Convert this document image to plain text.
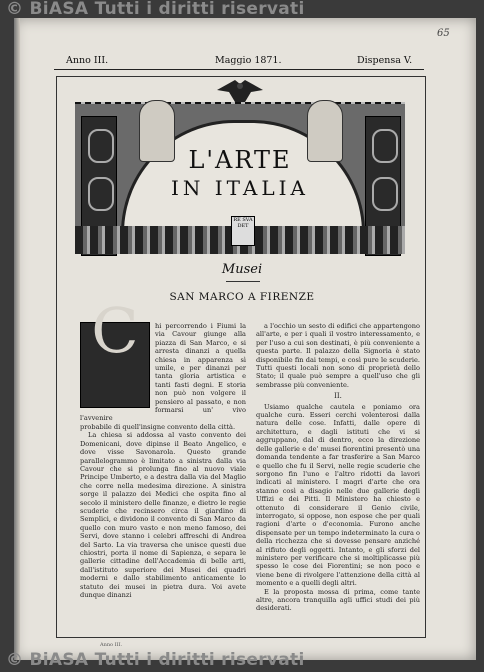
© BiASA Tutti i diritti riservati
© BiASA Tutti i diritti riservati
65
Anno III.	Maggio 1871.	Dispensa V.
L'ARTE
IN ITALIA
RE SVA DET
Musei
SAN MARCO A FIRENZE
C	hi percorrendo i Fiumi la via Cavour giunge alla piazza di San Marco, e si arresta dinanzi a quella chiesa in apparenza sì umile, e per dinanzi per tanta gloria artistica e tanti fasti degni. E storia non può non volgere il pensiero al passato, e non formarsi un' vivo l'avvenire

probabile di quell'insigne convento della città.

La chiesa si addossa al vasto convento dei Domenicani, dove dipinse il Beato Angelico, e dove visse Savonarola. Questo grande parallelogrammo è limitato a sinistra dalla via Cavour che si prolunga fino al nuovo viale Principe Umberto, e a destra dalla via del Maglio che corre nella medesima direzione. A sinistra sorge il palazzo dei Medici che ospita fino al secolo il ministero delle finanze, e dietro le regie scuderie che recinsero circa il giardino di Semplici, e dividono il convento di San Marco da quello con muro vasto e non meno famoso, dei Servi, dove stanno i celebri affreschi di Andrea del Sarto. La via traversa che unisce questi due chiostri, porta il nome di Sapienza, e separa le gallerie cittadine dell'Accademia di belle arti, dall'istituto superiore dei Musei dei quadri moderni e dallo stabilimento anticamente lo statuto dei musei in pietra dura. Voi avete dunque dinanzi

a l'occhio un sesto di edifici che appartengono all'arte, e per i quali il vostro interessamento, e per l'uso a cui son destinati, è più conveniente a questa parte. Il palazzo della Signoria è stato disponibile fin dai tempi, e così pure le scuderie. Tutti questi locali non sono di proprietà dello Stato; il quale può sempre a quell'uso che gli sembrasse più conveniente.

II.

Usiamo qualche cautela e poniamo ora qualche cura. Esseri cerchi volenterosi dalla natura delle cose. Infatti, dalle opere di architettura, e dagli istituti che vi si aggruppano, dal di dentro, ecco la direzione delle gallerie e de' musei fiorentini presentò una domanda tendente a far trasferire a San Marco e quello che fu il Servi, nelle regie scuderie che sorgono fin l'uno e l'altro ridotti da lavori indicati al ministero. I magri d'arte che ora stanno così a disagio nelle due gallerie degli Uffizi e dei Pitti. Il Ministero ha chiesto e ottenuto di considerare il Genio civile, interrogato, si oppose, non espose che per quali ragioni d'arte o d'economia. Furono anche dispensate per un tempo indeterminato la cura o della ricchezza che si dovesse pensare anziché al rifiuto degli oggetti. Intanto, e gli sforzi del ministero per verificare che si moltiplicasse più spesso le cose dei Fiorentini; se non poco e viene bene di rivolgere l'attenzione della città al momento e a quelli degli altri.

E la proposta mossa di prima, come tante altre, ancora tranquilla agli uffici studi dei più desiderati.

Anno III.
